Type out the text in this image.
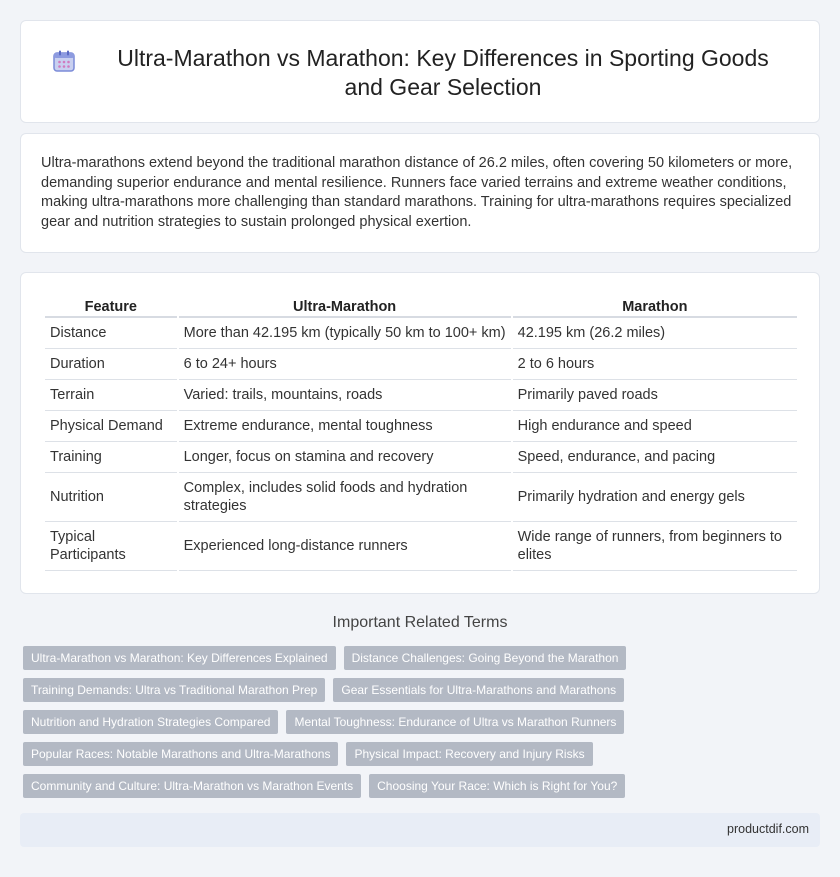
Ultra-Marathon vs Marathon: Key Differences in Sporting Goods and Gear Selection

Ultra-marathons extend beyond the traditional marathon distance of 26.2 miles, often covering 50 kilometers or more, demanding superior endurance and mental resilience. Runners face varied terrains and extreme weather conditions, making ultra-marathons more challenging than standard marathons. Training for ultra-marathons requires specialized gear and nutrition strategies to sustain prolonged physical exertion.

Feature	Ultra-Marathon	Marathon
Distance	More than 42.195 km (typically 50 km to 100+ km)	42.195 km (26.2 miles)
Duration	6 to 24+ hours	2 to 6 hours
Terrain	Varied: trails, mountains, roads	Primarily paved roads
Physical Demand	Extreme endurance, mental toughness	High endurance and speed
Training	Longer, focus on stamina and recovery	Speed, endurance, and pacing
Nutrition	Complex, includes solid foods and hydration strategies	Primarily hydration and energy gels
Typical Participants	Experienced long-distance runners	Wide range of runners, from beginners to elites
Important Related Terms
Ultra-Marathon vs Marathon: Key Differences Explained	Distance Challenges: Going Beyond the Marathon
Training Demands: Ultra vs Traditional Marathon Prep	Gear Essentials for Ultra-Marathons and Marathons
Nutrition and Hydration Strategies Compared	Mental Toughness: Endurance of Ultra vs Marathon Runners
Popular Races: Notable Marathons and Ultra-Marathons	Physical Impact: Recovery and Injury Risks
Community and Culture: Ultra-Marathon vs Marathon Events	Choosing Your Race: Which is Right for You?
productdif.com
